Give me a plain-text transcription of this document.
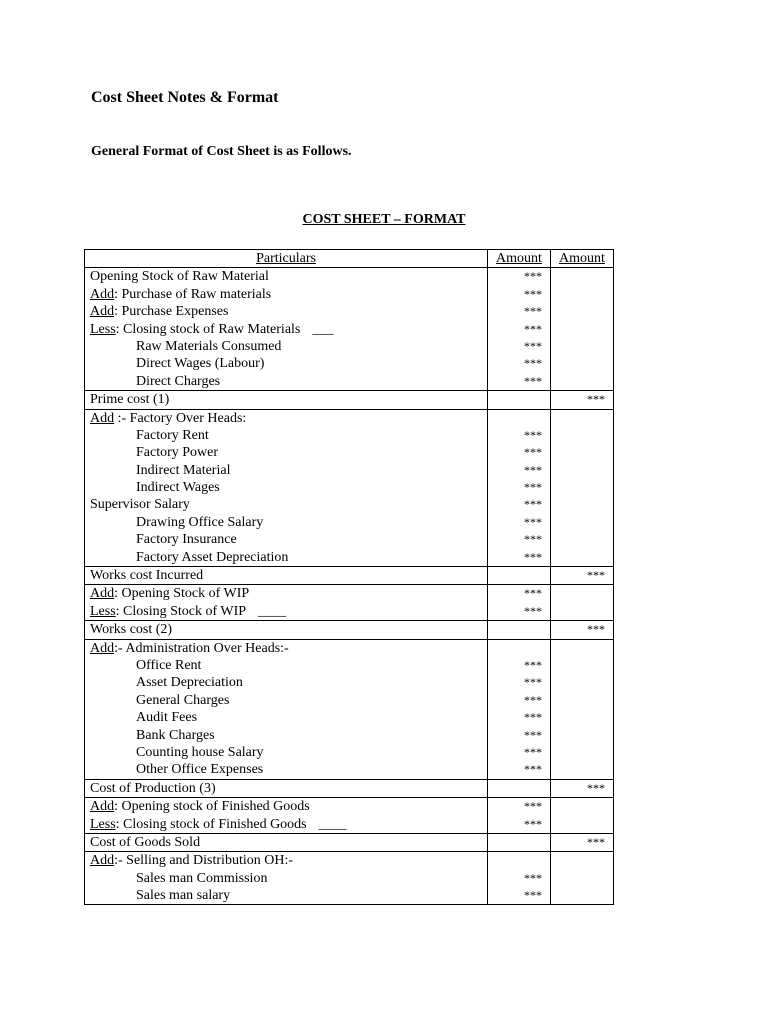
Cost Sheet Notes & Format

General Format of Cost Sheet is as Follows.

COST SHEET – FORMAT

Particulars	Amount	Amount
Opening Stock of Raw Material	***	
Add: Purchase of Raw materials	***	
Add: Purchase Expenses	***	
Less: Closing stock of Raw Materials ___	***	
Raw Materials Consumed	***	
Direct Wages (Labour)	***	
Direct Charges	***	
Prime cost (1)		***
Add :- Factory Over Heads:		
Factory Rent	***	
Factory Power	***	
Indirect Material	***	
Indirect Wages	***	
Supervisor Salary	***	
Drawing Office Salary	***	
Factory Insurance	***	
Factory Asset Depreciation	***	
Works cost Incurred		***
Add: Opening Stock of WIP	***	
Less: Closing Stock of WIP ____	***	
Works cost (2)		***
Add:- Administration Over Heads:-		
Office Rent	***	
Asset Depreciation	***	
General Charges	***	
Audit Fees	***	
Bank Charges	***	
Counting house Salary	***	
Other Office Expenses	***	
Cost of Production (3)		***
Add: Opening stock of Finished Goods	***	
Less: Closing stock of Finished Goods ____	***	
Cost of Goods Sold		***
Add:- Selling and Distribution OH:-		
Sales man Commission	***	
Sales man salary	***	
